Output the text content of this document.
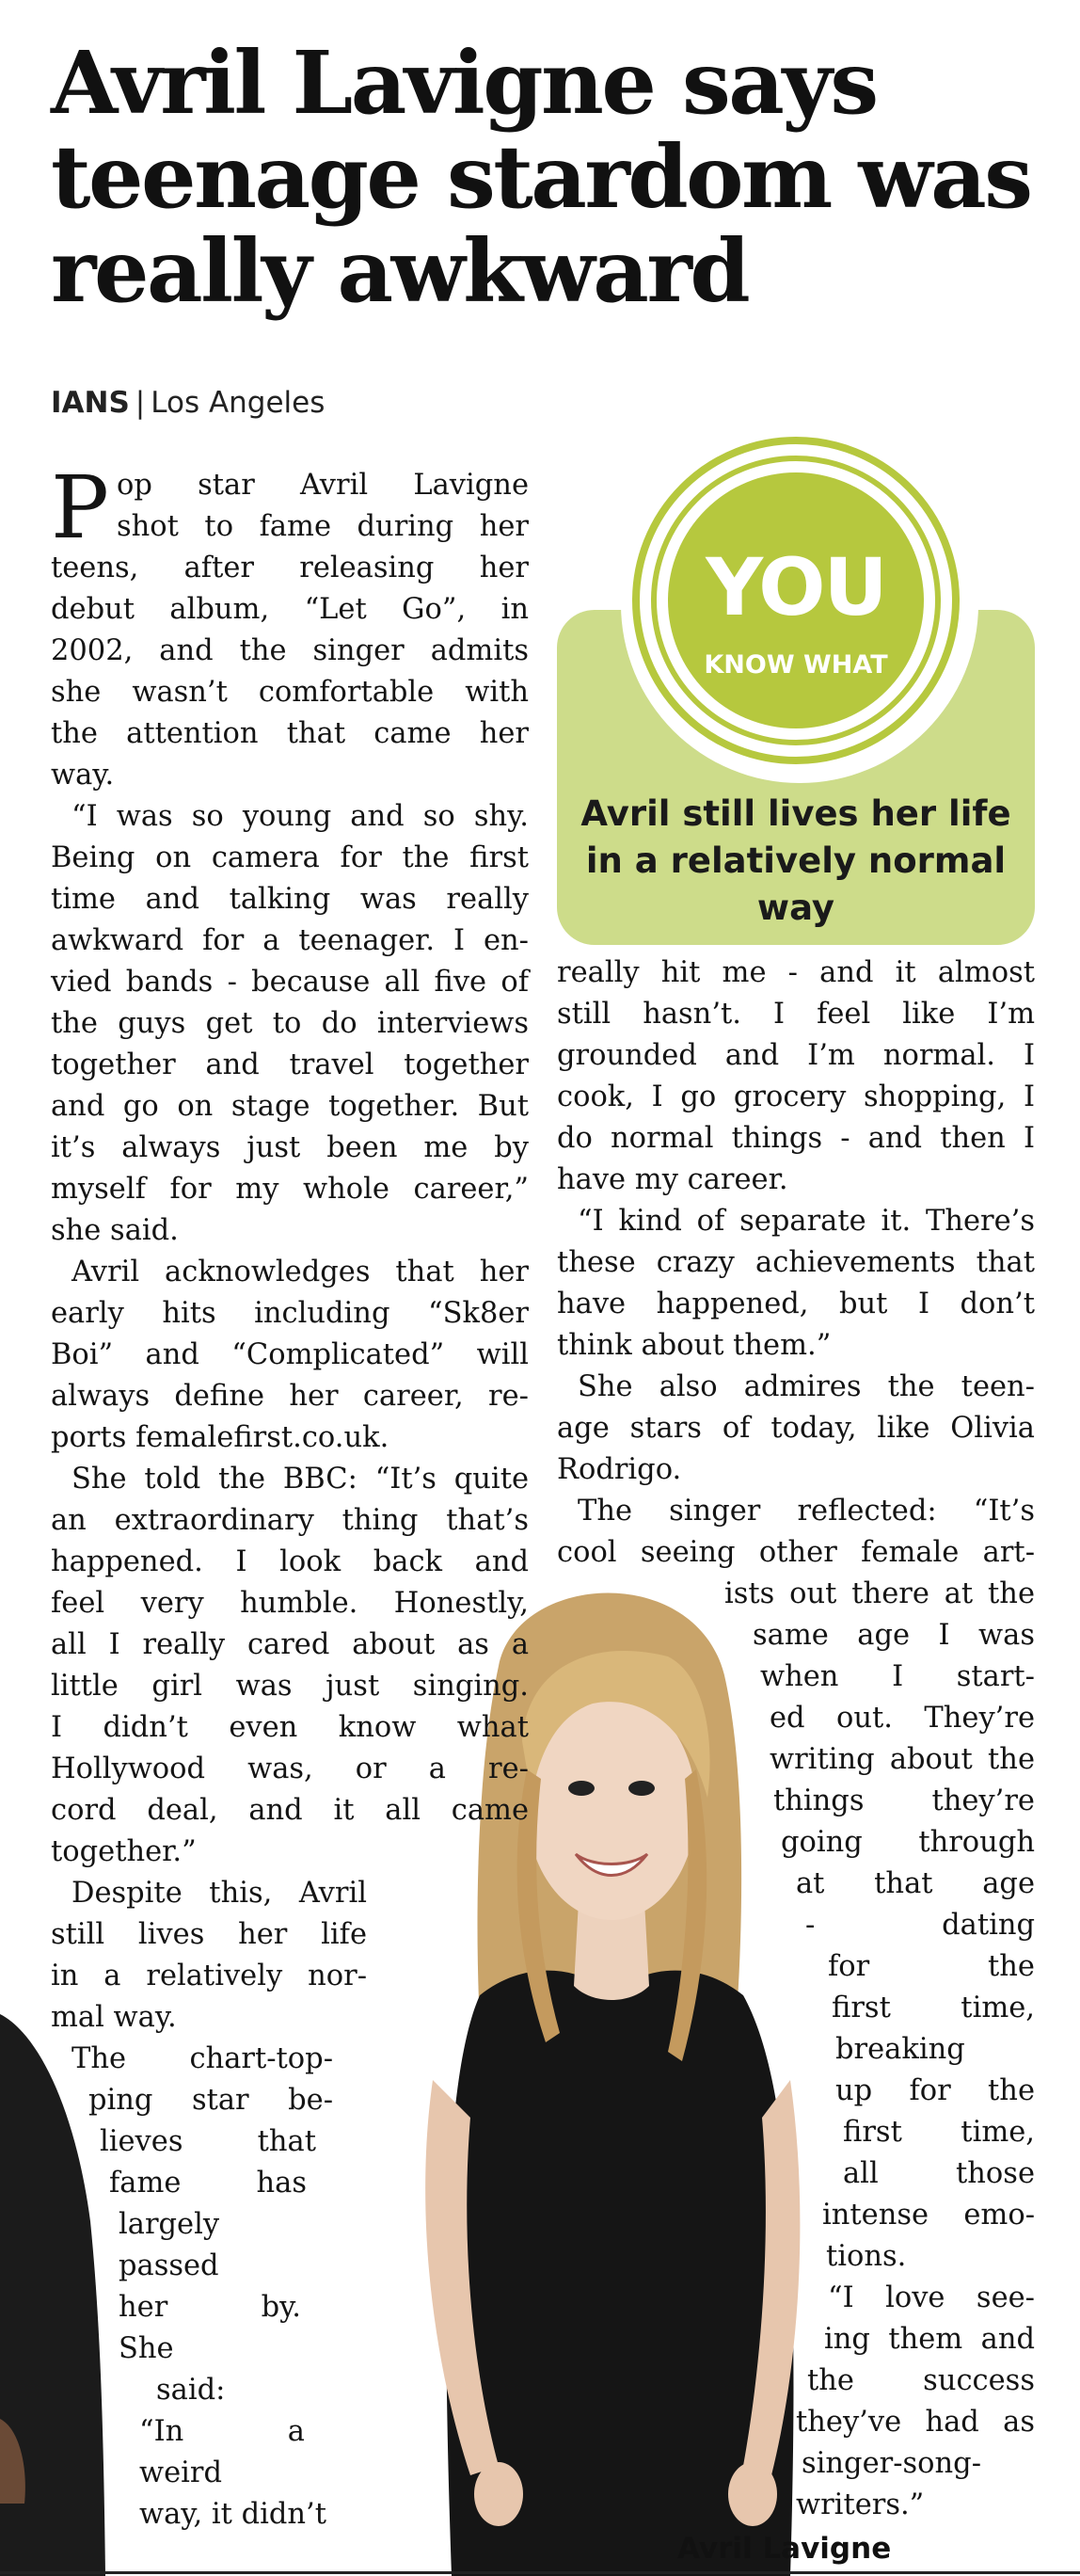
Avril Lavigne says
teenage stardom was
really awkward
IANS | Los Angeles
P
YOU
KNOW WHAT
Avril still lives her life in a relatively normal way
Avril Lavigne
op star Avril Lavigne
shot to fame during her
teens, after releasing her
debut album, “Let Go”, in
2002, and the singer admits
she wasn’t comfortable with
the attention that came her
way.
“I was so young and so shy.
Being on camera for the first
time and talking was really
awkward for a teenager. I en-
vied bands - because all five of
the guys get to do interviews
together and travel together
and go on stage together. But
it’s always just been me by
myself for my whole career,”
she said.
Avril acknowledges that her
early hits including “Sk8er
Boi” and “Complicated” will
always define her career, re-
ports femalefirst.co.uk.
She told the BBC: “It’s quite
an extraordinary thing that’s
happened. I look back and
feel very humble. Honestly,
all I really cared about as a
little girl was just singing.
I didn’t even know what
Hollywood was, or a re-
cord deal, and it all came
together.”
Despite this, Avril
still lives her life
in a relatively nor-
mal way.
The chart-top-
ping star be-
lieves that
fame has
largely
passed
her by.
She
said:
“In a
weird
way, it didn’t
really hit me - and it almost
still hasn’t. I feel like I’m
grounded and I’m normal. I
cook, I go grocery shopping, I
do normal things - and then I
have my career.
“I kind of separate it. There’s
these crazy achievements that
have happened, but I don’t
think about them.”
She also admires the teen-
age stars of today, like Olivia
Rodrigo.
The singer reflected: “It’s
cool seeing other female art-
ists out there at the
same age I was
when I start-
ed out. They’re
writing about the
things they’re
going through
at that age
- dating
for the
first time,
breaking
up for the
first time,
all those
intense emo-
tions.
“I love see-
ing them and
the success
they’ve had as
singer-song-
writers.”
